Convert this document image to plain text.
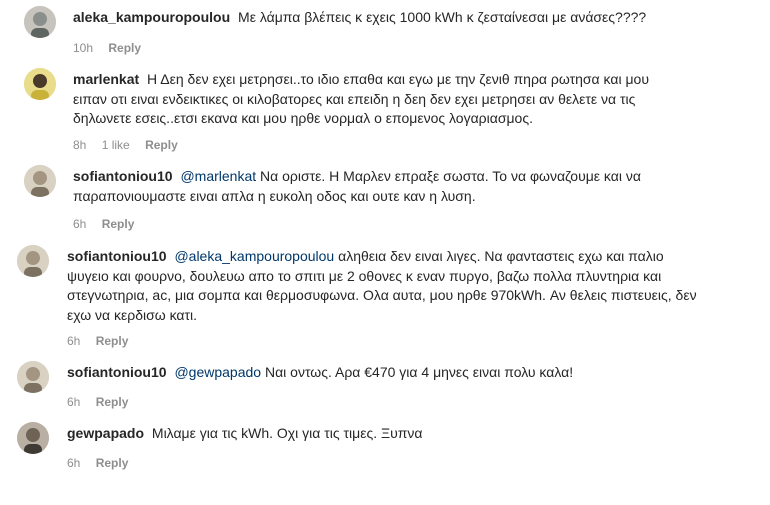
aleka_kampouropoulou Με λάμπα βλέπεις κ εχεις 1000 kWh κ ζεσταίνεσαι με ανάσες????
10h Reply
marlenkat Η Δεη δεν εχει μετρησει..το ιδιο επαθα και εγω με την ζενιθ πηρα ρωτησα και μου ειπαν οτι ειναι ενδεικτικες οι κιλοβατορες και επειδη η δεη δεν εχει μετρησει αν θελετε να τις δηλωνετε εσεις..ετσι εκανα και μου ηρθε νορμαλ ο επομενος λογαριασμος.
8h 1 like Reply
sofiantoniou10 @marlenkat Να οριστε. Η Μαρλεν επραξε σωστα. Το να φωναζουμε και να παραπονιουμαστε ειναι απλα η ευκολη οδος και ουτε καν η λυση.
6h Reply
sofiantoniou10 @aleka_kampouropoulou αληθεια δεν ειναι λιγες. Να φανταστεις εχω και παλιο ψυγειο και φουρνο, δουλευω απο το σπιτι με 2 οθονες κ εναν πυργο, βαζω πολλα πλυντηρια και στεγνωτηρια, ac, μια σομπα και θερμοσυφωνα. Ολα αυτα, μου ηρθε 970kWh. Αν θελεις πιστευεις, δεν εχω να κερδισω κατι.
6h Reply
sofiantoniou10 @gewpapado Ναι οντως. Αρα €470 για 4 μηνες ειναι πολυ καλα!
6h Reply
gewpapado Μιλαμε για τις kWh. Οχι για τις τιμες. Ξυπνα
6h Reply
